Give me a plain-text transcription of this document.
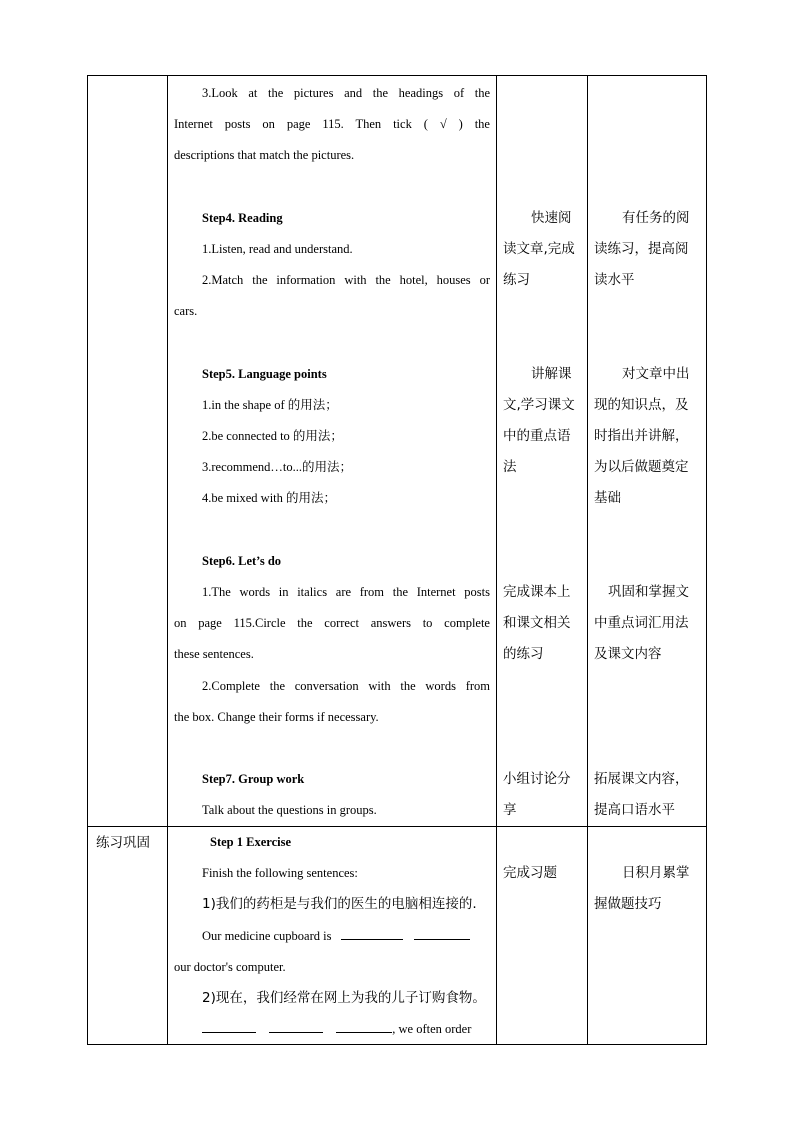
练习巩固
3.Look at the pictures and the headings of the
Internet posts on page 115. Then tick ( √ ) the
descriptions that match the pictures.
Step4. Reading
1.Listen, read and understand.
2.Match the information with the hotel, houses or
cars.
Step5. Language points
1.in the shape of 的用法；
2.be connected to 的用法；
3.recommend…to...的用法；
4.be mixed with 的用法；
Step6. Let’s do
1.The words in italics are from the Internet posts
on page 115.Circle the correct answers to complete
these sentences.
2.Complete the conversation with the words from
the box. Change their forms if necessary.
Step7. Group work
Talk about the questions in groups.
Step 1 Exercise
Finish the following sentences:
1)我们的药柜是与我们的医生的电脑相连接的.
Our medicine cupboard is
our doctor's computer.
2)现在，我们经常在网上为我的儿子订购食物。
, we often order
快速阅
读文章,完成
练习
讲解课
文,学习课文
中的重点语
法
完成课本上
和课文相关
的练习
小组讨论分
享
完成习题
有任务的阅
读练习，提高阅
读水平
对文章中出
现的知识点，及
时指出并讲解，
为以后做题奠定
基础
巩固和掌握文
中重点词汇用法
及课文内容
拓展课文内容，
提高口语水平
日积月累掌
握做题技巧
